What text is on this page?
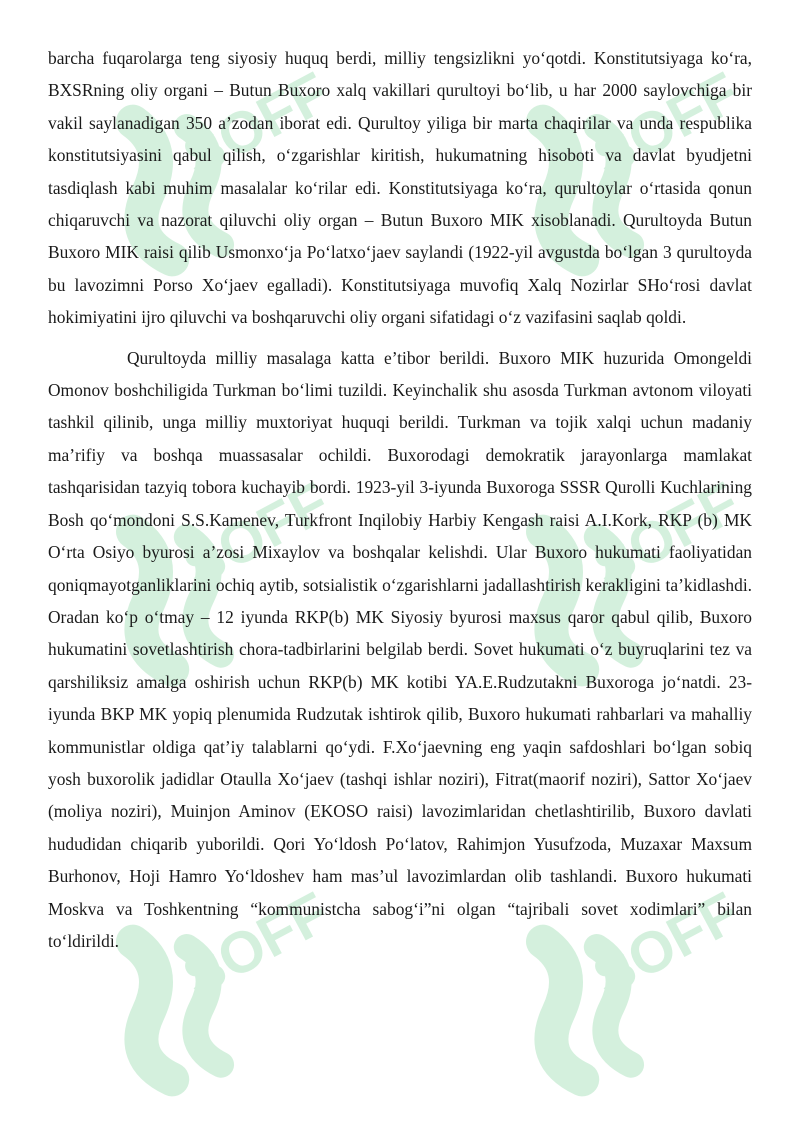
SOFF	SOFF
SOFF	SOFF
SOFF	SOFF

barcha fuqarolarga teng siyosiy huquq berdi, milliy tengsizlikni yo‘qotdi. Konstitutsiyaga ko‘ra, BXSRning oliy organi – Butun Buxoro xalq vakillari qurultoyi bo‘lib, u har 2000 saylovchiga bir vakil saylanadigan 350 a’zodan iborat edi. Qurultoy yiliga bir marta chaqirilar va unda respublika konstitutsiyasini qabul qilish, o‘zgarishlar kiritish, hukumatning hisoboti va davlat byudjetni tasdiqlash kabi muhim masalalar ko‘rilar edi. Konstitutsiyaga ko‘ra, qurultoylar o‘rtasida qonun chiqaruvchi va nazorat qiluvchi oliy organ – Butun Buxoro MIK xisoblanadi. Qurultoyda Butun Buxoro MIK raisi qilib Usmonxo‘ja Po‘latxo‘jaev saylandi (1922-yil avgustda bo‘lgan 3 qurultoyda bu lavozimni Porso Xo‘jaev egalladi). Konstitutsiyaga muvofiq Xalq Nozirlar SHo‘rosi davlat hokimiyatini ijro qiluvchi va boshqaruvchi oliy organi sifatidagi o‘z vazifasini saqlab qoldi.

Qurultoyda milliy masalaga katta e’tibor berildi. Buxoro MIK huzurida Omongeldi Omonov boshchiligida Turkman bo‘limi tuzildi. Keyinchalik shu asosda Turkman avtonom viloyati tashkil qilinib, unga milliy muxtoriyat huquqi berildi. Turkman va tojik xalqi uchun madaniy ma’rifiy va boshqa muassasalar ochildi. Buxorodagi demokratik jarayonlarga mamlakat tashqarisidan tazyiq tobora kuchayib bordi. 1923-yil 3-iyunda Buxoroga SSSR Qurolli Kuchlarining Bosh qo‘mondoni S.S.Kamenev, Turkfront Inqilobiy Harbiy Kengash raisi A.I.Kork, RKP (b) MK O‘rta Osiyo byurosi a’zosi Mixaylov va boshqalar kelishdi. Ular Buxoro hukumati faoliyatidan qoniqmayotganliklarini ochiq aytib, sotsialistik o‘zgarishlarni jadallashtirish kerakligini ta’kidlashdi. Oradan ko‘p o‘tmay – 12 iyunda RKP(b) MK Siyosiy byurosi maxsus qaror qabul qilib, Buxoro hukumatini sovetlashtirish chora-tadbirlarini belgilab berdi. Sovet hukumati o‘z buyruqlarini tez va qarshiliksiz amalga oshirish uchun RKP(b) MK kotibi YA.E.Rudzutakni Buxoroga jo‘natdi. 23-iyunda BKP MK yopiq plenumida Rudzutak ishtirok qilib, Buxoro hukumati rahbarlari va mahalliy kommunistlar oldiga qat’iy talablarni qo‘ydi. F.Xo‘jaevning eng yaqin safdoshlari bo‘lgan sobiq yosh buxorolik jadidlar Otaulla Xo‘jaev (tashqi ishlar noziri), Fitrat(maorif noziri), Sattor Xo‘jaev (moliya noziri), Muinjon Aminov (EKOSO raisi) lavozimlaridan chetlashtirilib, Buxoro davlati hududidan chiqarib yuborildi. Qori Yo‘ldosh Po‘latov, Rahimjon Yusufzoda, Muzaxar Maxsum Burhonov, Hoji Hamro Yo‘ldoshev ham mas’ul lavozimlardan olib tashlandi. Buxoro hukumati Moskva va Toshkentning “kommunistcha sabog‘i”ni olgan “tajribali sovet xodimlari” bilan to‘ldirildi.
